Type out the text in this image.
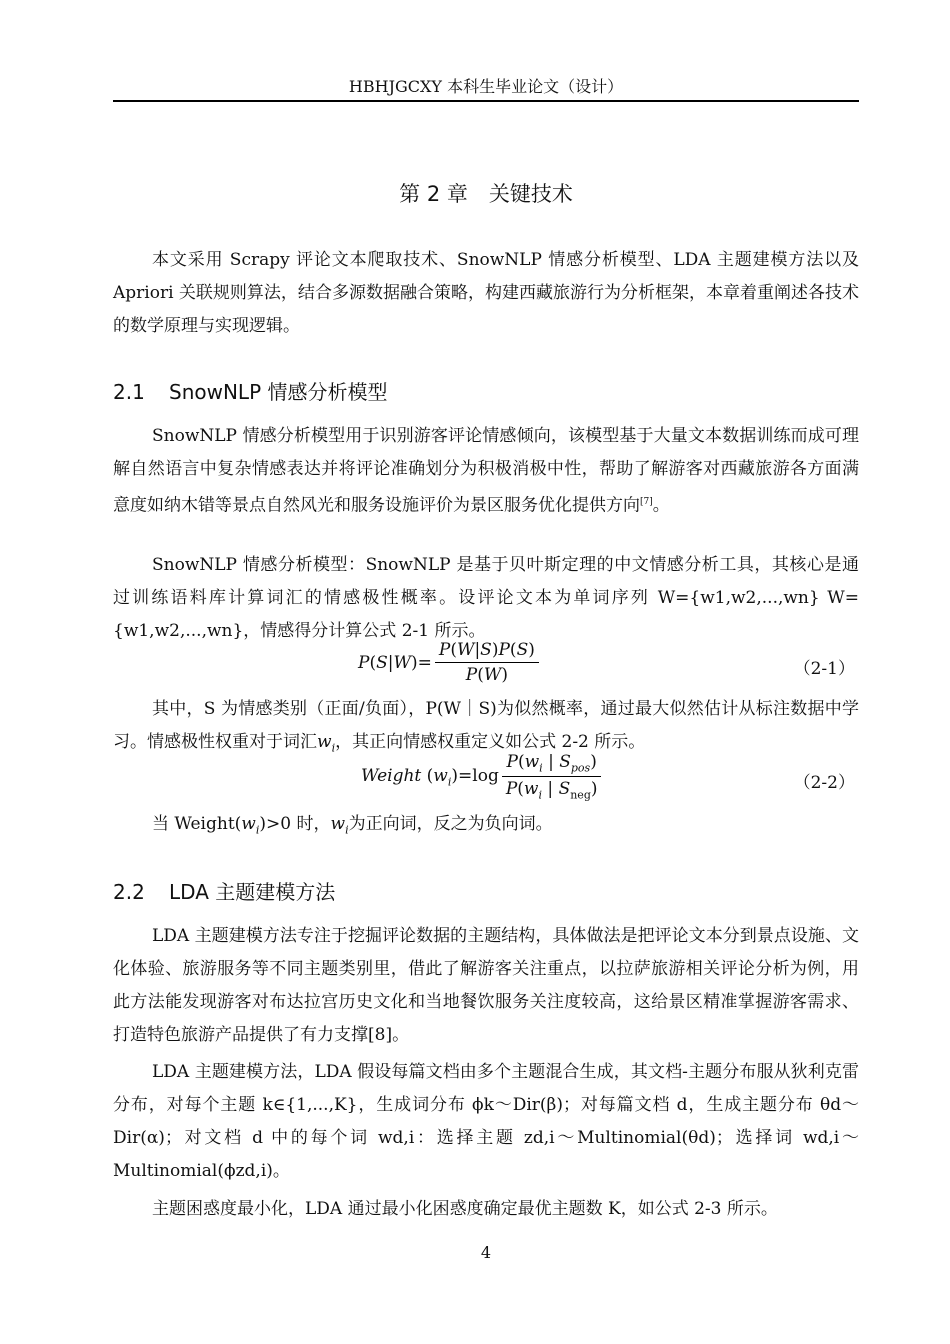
HBHJGCXY 本科生毕业论文（设计）
第 2 章　关键技术

本文采用 Scrapy 评论文本爬取技术、SnowNLP 情感分析模型、LDA 主题建模方法以及 Apriori 关联规则算法，结合多源数据融合策略，构建西藏旅游行为分析框架，本章着重阐述各技术的数学原理与实现逻辑。

2.1 SnowNLP 情感分析模型

SnowNLP 情感分析模型用于识别游客评论情感倾向，该模型基于大量文本数据训练而成可理解自然语言中复杂情感表达并将评论准确划分为积极消极中性，帮助了解游客对西藏旅游各方面满意度如纳木错等景点自然风光和服务设施评价为景区服务优化提供方向[7]。

SnowNLP 情感分析模型：SnowNLP 是基于贝叶斯定理的中文情感分析工具，其核心是通过训练语料库计算词汇的情感极性概率。设评论文本为单词序列 W={w1,w2,...,wn} W={w1,w2,...,wn}，情感得分计算公式 2-1 所示。

$P(S|W)= \frac{P(W|S)P(S)}{P(W)}$	（2-1）

其中，S 为情感类别（正面/负面），P(W｜S)为似然概率，通过最大似然估计从标注数据中学习。情感极性权重对于词汇$w_i$，其正向情感权重定义如公式 2-2 所示。

Weight $(w_i)=\log \frac{P(w_i | S_{pos})}{P(w_i | S_{neg})}$	（2-2）

当 $Weight(w_i)>0$ 时，$w_i$为正向词，反之为负向词。

2.2 LDA 主题建模方法

LDA 主题建模方法专注于挖掘评论数据的主题结构，具体做法是把评论文本分到景点设施、文化体验、旅游服务等不同主题类别里，借此了解游客关注重点，以拉萨旅游相关评论分析为例，用此方法能发现游客对布达拉宫历史文化和当地餐饮服务关注度较高，这给景区精准掌握游客需求、打造特色旅游产品提供了有力支撑[8]。

LDA 主题建模方法，LDA 假设每篇文档由多个主题混合生成，其文档-主题分布服从狄利克雷分布，对每个主题 k∈{1,...,K}，生成词分布 ϕk～Dir(β)；对每篇文档 d，生成主题分布 θd～Dir(α)；对文档 d 中的每个词 wd,i：选择主题 zd,i～Multinomial(θd)；选择词 wd,i～Multinomial(ϕzd,i)。

主题困惑度最小化，LDA 通过最小化困惑度确定最优主题数 K，如公式 2-3 所示。

4
